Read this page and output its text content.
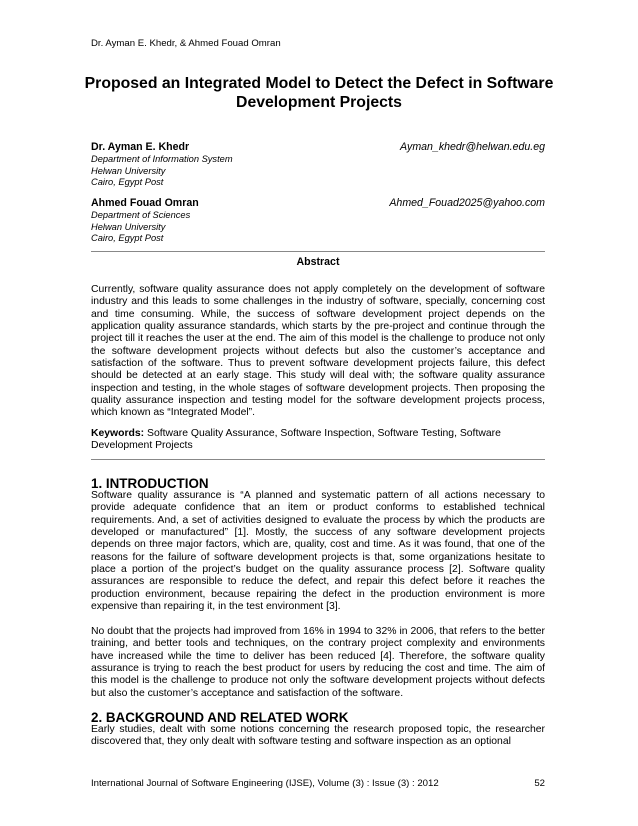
Dr. Ayman E. Khedr, & Ahmed Fouad Omran
Proposed an Integrated Model to Detect the Defect in Software Development Projects
Dr. Ayman E. Khedr	Ayman_khedr@helwan.edu.eg
Department of Information System
Helwan University
Cairo, Egypt Post
Ahmed Fouad Omran	Ahmed_Fouad2025@yahoo.com
Department of Sciences
Helwan University
Cairo, Egypt Post
Abstract
Currently, software quality assurance does not apply completely on the development of software industry and this leads to some challenges in the industry of software, specially, concerning cost and time consuming. While, the success of software development project depends on the application quality assurance standards, which starts by the pre-project and continue through the project till it reaches the user at the end. The aim of this model is the challenge to produce not only the software development projects without defects but also the customer’s acceptance and satisfaction of the software. Thus to prevent software development projects failure, this defect should be detected at an early stage. This study will deal with; the software quality assurance inspection and testing, in the whole stages of software development projects. Then proposing the quality assurance inspection and testing model for the software development projects process, which known as “Integrated Model”.
Keywords: Software Quality Assurance, Software Inspection, Software Testing, Software Development Projects
1. INTRODUCTION
Software quality assurance is “A planned and systematic pattern of all actions necessary to provide adequate confidence that an item or product conforms to established technical requirements. And, a set of activities designed to evaluate the process by which the products are developed or manufactured” [1]. Mostly, the success of any software development projects depends on three major factors, which are, quality, cost and time. As it was found, that one of the reasons for the failure of software development projects is that, some organizations hesitate to place a portion of the project’s budget on the quality assurance process [2]. Software quality assurances are responsible to reduce the defect, and repair this defect before it reaches the production environment, because repairing the defect in the production environment is more expensive than repairing it, in the test environment [3].
No doubt that the projects had improved from 16% in 1994 to 32% in 2006, that refers to the better training, and better tools and techniques, on the contrary project complexity and environments have increased while the time to deliver has been reduced [4]. Therefore, the software quality assurance is trying to reach the best product for users by reducing the cost and time. The aim of this model is the challenge to produce not only the software development projects without defects but also the customer’s acceptance and satisfaction of the software.
2. BACKGROUND AND RELATED WORK
Early studies, dealt with some notions concerning the research proposed topic, the researcher discovered that, they only dealt with software testing and software inspection as an optional
International Journal of Software Engineering (IJSE), Volume (3) : Issue (3) : 2012	52
